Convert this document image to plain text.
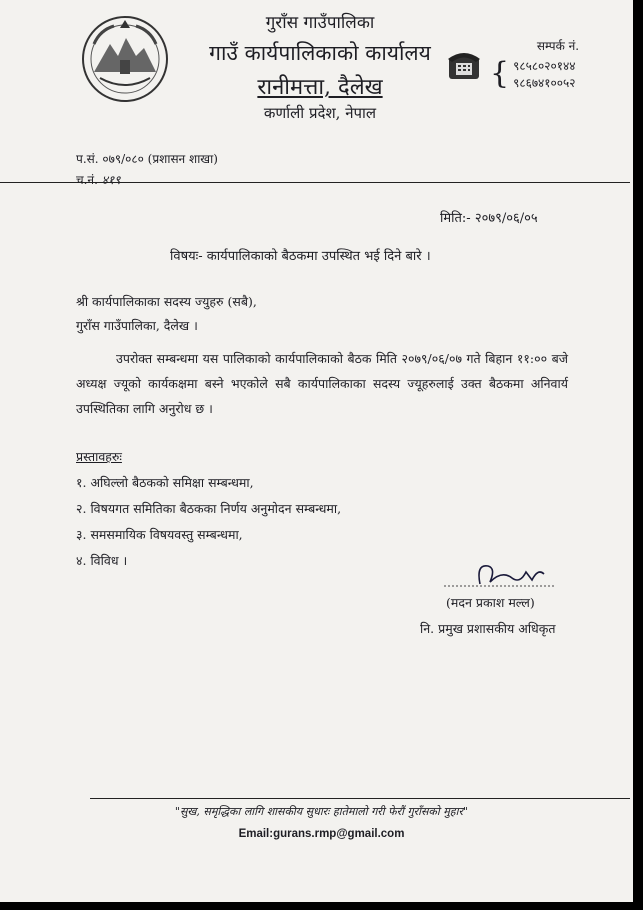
गुराँस गाउँपालिका
गाउँ कार्यपालिकाको कार्यालय
रानीमत्ता, दैलेख
कर्णाली प्रदेश, नेपाल
सम्पर्क नं.
{ ९८५८०२०१४४
९८६७४१००५२
प.सं. ०७९/०८० (प्रशासन शाखा)
च.नं. ४१९
मिति:- २०७९/०६/०५
विषयः- कार्यपालिकाको बैठकमा उपस्थित भई दिने बारे ।
श्री कार्यपालिकाका सदस्य ज्युहरु (सबै),
गुराँस गाउँपालिका, दैलेख ।
उपरोक्त सम्बन्धमा यस पालिकाको कार्यपालिकाको बैठक मिति २०७९/०६/०७ गते बिहान ११:०० बजे अध्यक्ष ज्यूको कार्यकक्षमा बस्ने भएकोले सबै कार्यपालिकाका सदस्य ज्यूहरुलाई उक्त बैठकमा अनिवार्य उपस्थितिका लागि अनुरोध छ ।
प्रस्तावहरुः
१. अघिल्लो बैठकको समिक्षा सम्बन्धमा,
२. विषयगत समितिका बैठकका निर्णय अनुमोदन सम्बन्धमा,
३. समसमायिक विषयवस्तु सम्बन्धमा,
४. विविध ।
(मदन प्रकाश मल्ल)
नि. प्रमुख प्रशासकीय अधिकृत
"सुख, समृद्धिका लागि शासकीय सुधारः हातेमालो गरी फेरौं गुराँसको मुहार"
Email:gurans.rmp@gmail.com
